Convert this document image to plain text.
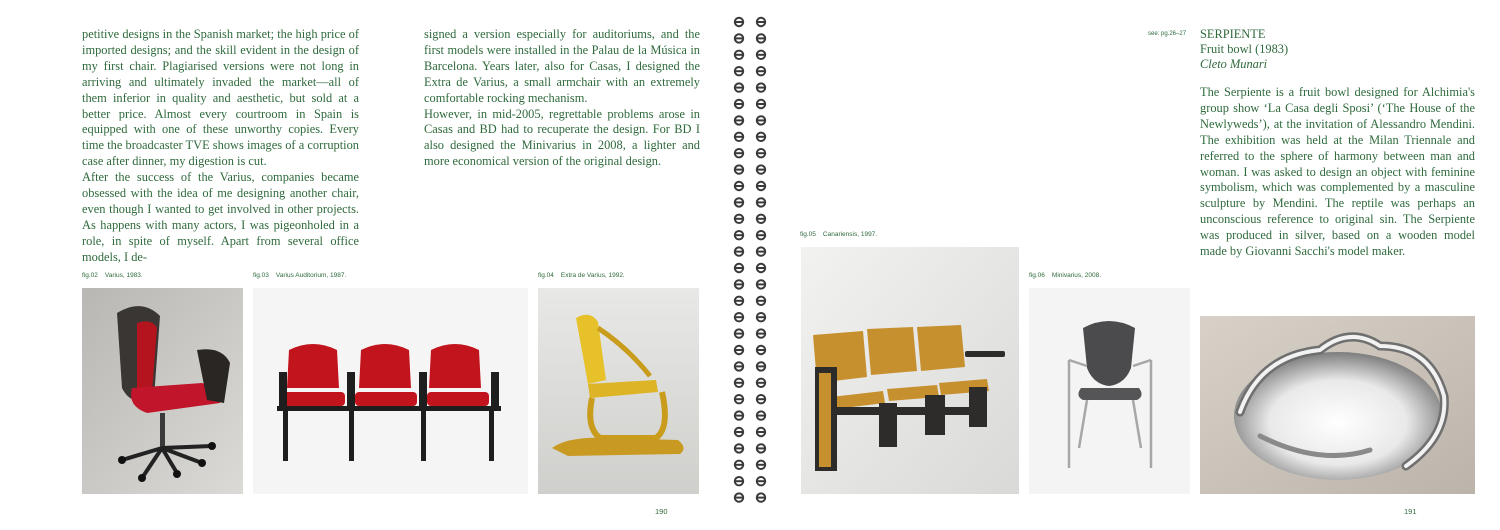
petitive designs in the Spanish market; the high price of imported designs; and the skill evident in the design of my first chair. Plagiarised versions were not long in arriving and ultimately invaded the market—all of them inferior in quality and aesthetic, but sold at a better price. Almost every courtroom in Spain is equipped with one of these unworthy copies. Every time the broadcaster TVE shows images of a corruption case after dinner, my digestion is cut.

After the success of the Varius, companies became obsessed with the idea of me designing another chair, even though I wanted to get involved in other projects. As happens with many actors, I was pigeonholed in a role, in spite of myself. Apart from several office models, I de-

signed a version especially for auditoriums, and the first models were installed in the Palau de la Música in Barcelona. Years later, also for Casas, I designed the Extra de Varius, a small armchair with an extremely comfortable rocking mechanism.

However, in mid-2005, regrettable problems arose in Casas and BD had to recuperate the design. For BD I also designed the Minivarius in 2008, a lighter and more economical version of the original design.

fig.02 Varius, 1983.	fig.03 Varius Auditorium, 1987.	fig.04 Extra de Varius, 1992.
190
fig.05 Canariensis, 1997.
fig.06 Minivarius, 2008.
see: pg.26–27 SERPIENTE
Fruit bowl (1983)
Cleto Munari

The Serpiente is a fruit bowl designed for Alchimia's group show ‘La Casa degli Sposi’ (‘The House of the Newlyweds’), at the invitation of Alessandro Mendini. The exhibition was held at the Milan Triennale and referred to the sphere of harmony between man and woman. I was asked to design an object with feminine symbolism, which was complemented by a masculine sculpture by Mendini. The reptile was perhaps an unconscious reference to original sin. The Serpiente was produced in silver, based on a wooden model made by Giovanni Sacchi's model maker.

191
